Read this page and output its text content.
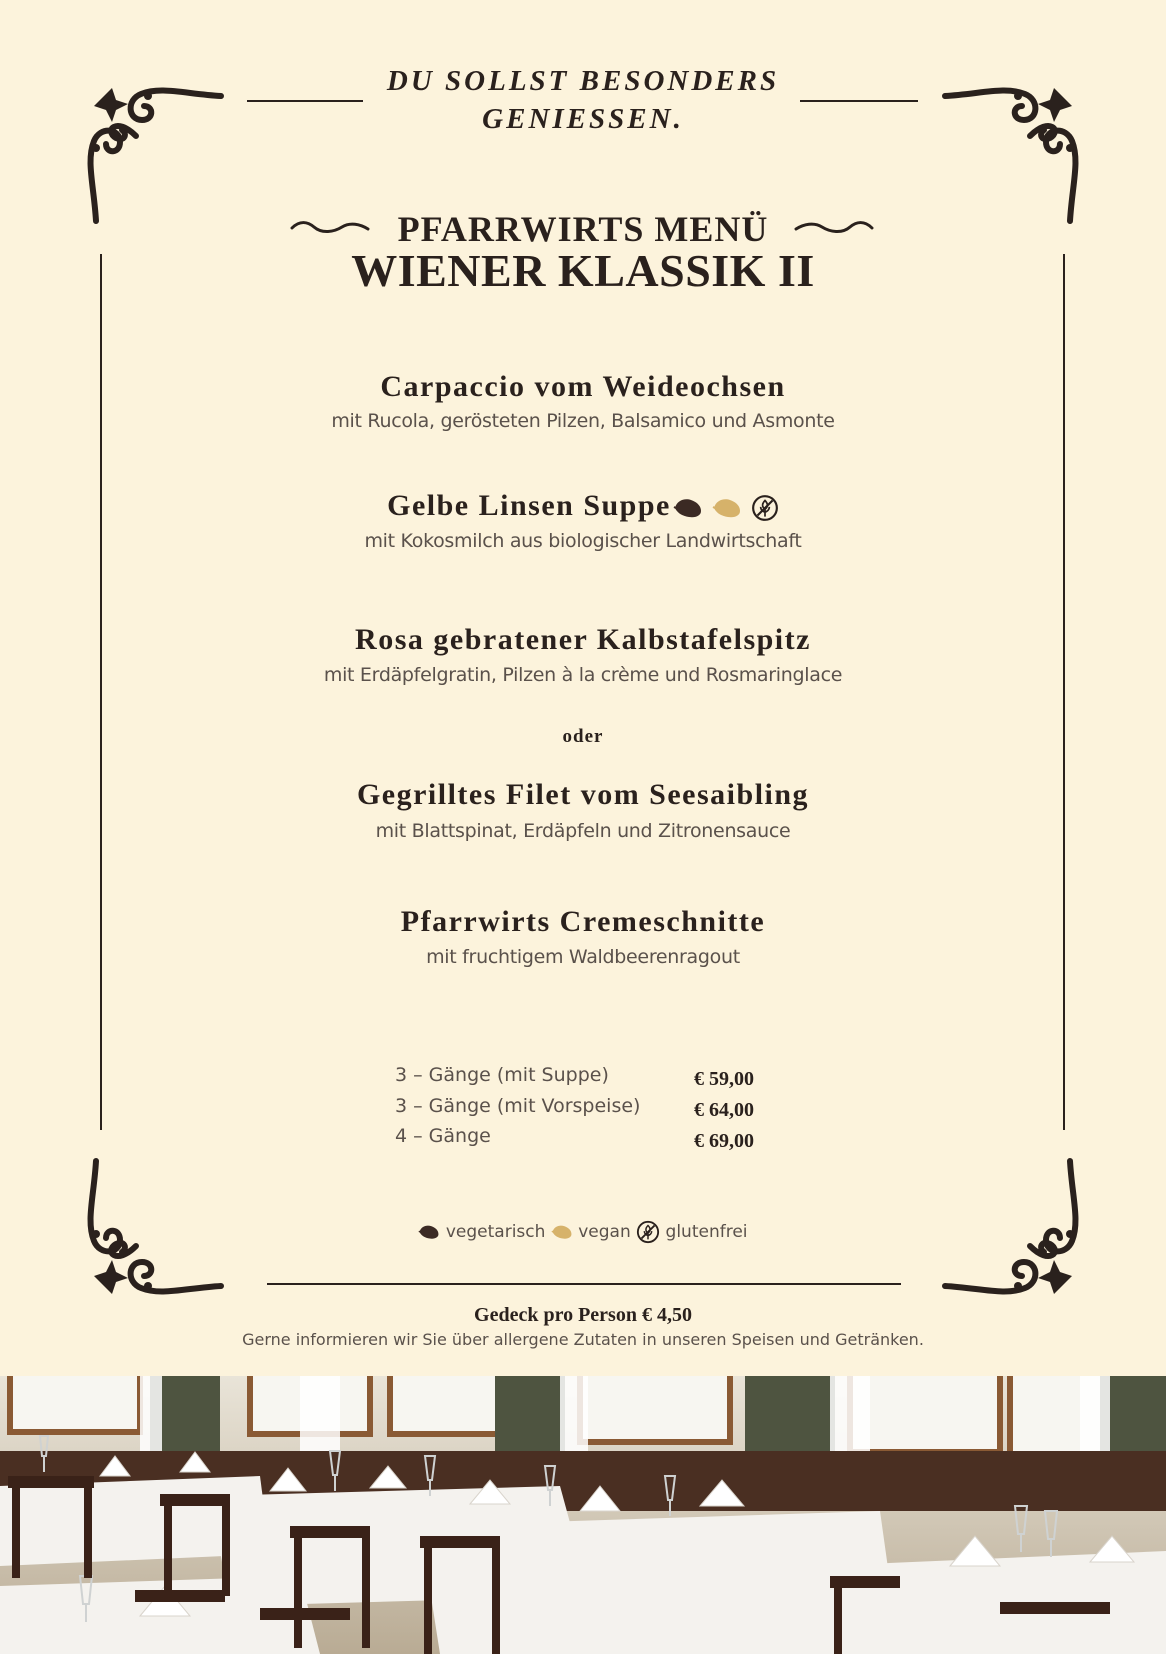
DU SOLLST BESONDERS
GENIESSEN.
PFARRWIRTS MENÜ
WIENER KLASSIK II
Carpaccio vom Weideochsen
mit Rucola, gerösteten Pilzen, Balsamico und Asmonte
Gelbe Linsen Suppe
mit Kokosmilch aus biologischer Landwirtschaft
Rosa gebratener Kalbstafelspitz
mit Erdäpfelgratin, Pilzen à la crème und Rosmaringlace
oder
Gegrilltes Filet vom Seesaibling
mit Blattspinat, Erdäpfeln und Zitronensauce
Pfarrwirts Cremeschnitte
mit fruchtigem Waldbeerenragout
3 – Gänge (mit Suppe)	€ 59,00
3 – Gänge (mit Vorspeise)	€ 64,00
4 – Gänge	€ 69,00
vegetarisch vegan glutenfrei
Gedeck pro Person € 4,50
Gerne informieren wir Sie über allergene Zutaten in unseren Speisen und Getränken.
